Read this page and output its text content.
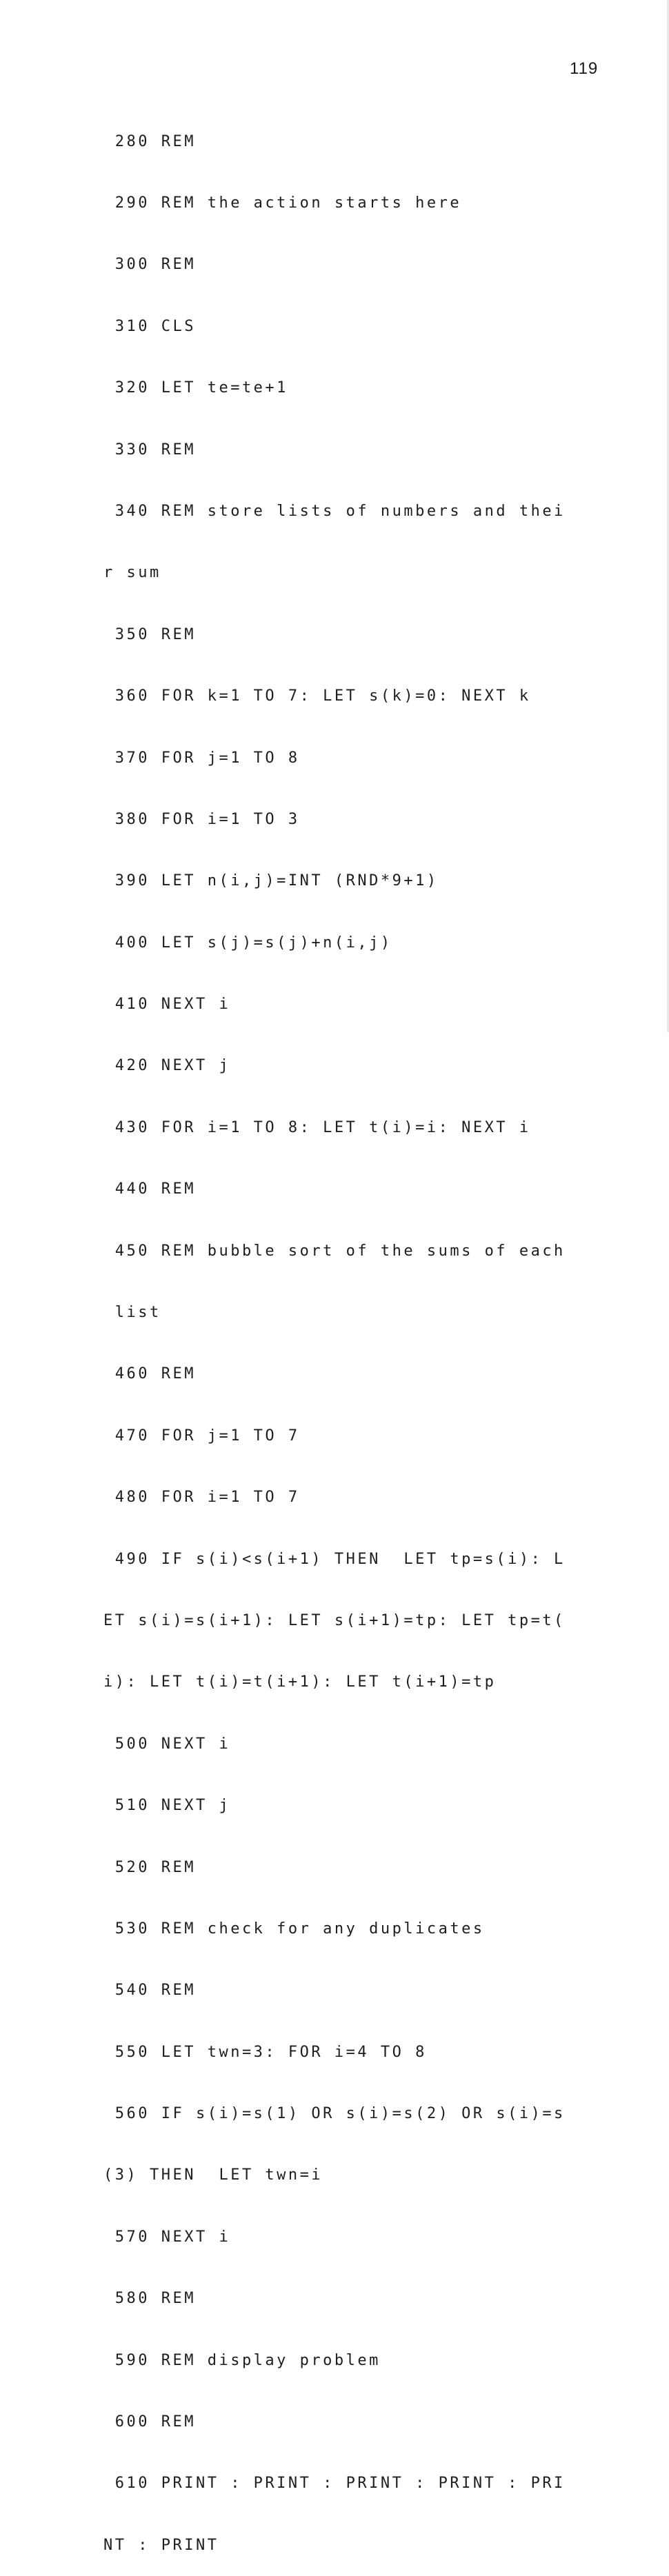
119

280 REM

290 REM the action starts here

300 REM

310 CLS

320 LET te=te+1

330 REM

340 REM store lists of numbers and thei

r sum

350 REM

360 FOR k=1 TO 7: LET s(k)=0: NEXT k

370 FOR j=1 TO 8

380 FOR i=1 TO 3

390 LET n(i,j)=INT (RND*9+1)

400 LET s(j)=s(j)+n(i,j)

410 NEXT i

420 NEXT j

430 FOR i=1 TO 8: LET t(i)=i: NEXT i

440 REM

450 REM bubble sort of the sums of each

list

460 REM

470 FOR j=1 TO 7

480 FOR i=1 TO 7

490 IF s(i)<s(i+1) THEN  LET tp=s(i): L

ET s(i)=s(i+1): LET s(i+1)=tp: LET tp=t(

i): LET t(i)=t(i+1): LET t(i+1)=tp

500 NEXT i

510 NEXT j

520 REM

530 REM check for any duplicates

540 REM

550 LET twn=3: FOR i=4 TO 8

560 IF s(i)=s(1) OR s(i)=s(2) OR s(i)=s

(3) THEN  LET twn=i

570 NEXT i

580 REM

590 REM display problem

600 REM

610 PRINT : PRINT : PRINT : PRINT : PRI

NT : PRINT
